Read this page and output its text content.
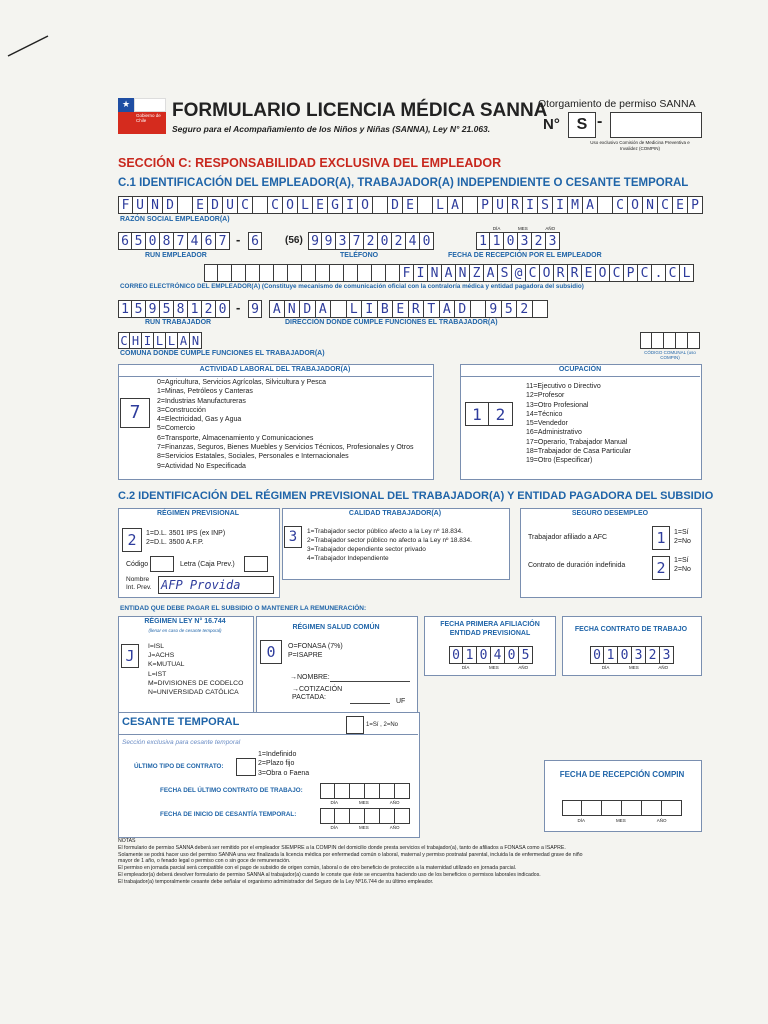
★
Gobierno de Chile	FORMULARIO LICENCIA MÉDICA SANNA
Seguro para el Acompañamiento de los Niños y Niñas (SANNA), Ley N° 21.063.
Otorgamiento de permiso SANNA
N°	S -
Uso exclusivo Comisión de Medicina Preventiva e Invalidez (COMPIN)
SECCIÓN C: RESPONSABILIDAD EXCLUSIVA DEL EMPLEADOR
C.1 IDENTIFICACIÓN DEL EMPLEADOR(A), TRABAJADOR(A) INDEPENDIENTE O CESANTE TEMPORAL
F U N D	E D U C	C O L E G I O	D E	L A	P U R I S I M A	C O N C E P
RAZÓN SOCIAL EMPLEADOR(A)
6 5 0 8 7 4 6 7 - 6	(56) 9 9 3 7 2 0 2 4 0	1 1 0 3 2 3
DÍA	MES	AÑO
RUN EMPLEADOR	TELÉFONO	FECHA DE RECEPCIÓN POR EL EMPLEADOR
F I N A N Z A S @ C O R R E O C P C . C L
CORREO ELECTRÓNICO DEL EMPLEADOR(A) (Constituye mecanismo de comunicación oficial con la contraloría médica y entidad pagadora del subsidio)
1 5 9 5 8 1 2 0 - 9 A N D A	L I B E R T A D	9 5 2
RUN TRABAJADOR	DIRECCIÓN DONDE CUMPLE FUNCIONES EL TRABAJADOR(A)
C H I L L A N
COMUNA DONDE CUMPLE FUNCIONES EL TRABAJADOR(A)	CÓDIGO COMUNAL (uso COMPIN)
ACTIVIDAD LABORAL DEL TRABAJADOR(A)
7
0=Agricultura, Servicios Agrícolas, Silvicultura y Pesca
1=Minas, Petróleos y Canteras
2=Industrias Manufactureras
3=Construcción
4=Electricidad, Gas y Agua
5=Comercio
6=Transporte, Almacenamiento y Comunicaciones
7=Finanzas, Seguros, Bienes Muebles y Servicios Técnicos, Profesionales y Otros
8=Servicios Estatales, Sociales, Personales e Internacionales
9=Actividad No Especificada
OCUPACIÓN
1 2
11=Ejecutivo o Directivo
12=Profesor
13=Otro Profesional
14=Técnico
15=Vendedor
16=Administrativo
17=Operario, Trabajador Manual
18=Trabajador de Casa Particular
19=Otro (Especificar)
C.2 IDENTIFICACIÓN DEL RÉGIMEN PREVISIONAL DEL TRABAJADOR(A) Y ENTIDAD PAGADORA DEL SUBSIDIO
RÉGIMEN PREVISIONAL
2	1=D.L. 3501 IPS (ex INP)
2=D.L. 3500 A.F.P.
Código	Letra (Caja Prev.)
Nombre Int. Prev. AFP Provida
CALIDAD TRABAJADOR(A)
3	1=Trabajador sector público afecto a la Ley nº 18.834.
2=Trabajador sector público no afecto a la Ley nº 18.834.
3=Trabajador dependiente sector privado
4=Trabajador Independiente
SEGURO DESEMPLEO
Trabajador afiliado a AFC	1	1=Sí
2=No
Contrato de duración indefinida 2	1=Sí
2=No
ENTIDAD QUE DEBE PAGAR EL SUBSIDIO O MANTENER LA REMUNERACIÓN:
RÉGIMEN LEY N° 16.744
(llenar en caso de cesante temporal)
J
I=ISL
J=ACHS
K=MUTUAL
L=IST
M=DIVISIONES DE CODELCO
N=UNIVERSIDAD CATÓLICA
RÉGIMEN SALUD COMÚN
0	O=FONASA (7%)
P=ISAPRE
→NOMBRE:
→COTIZACIÓN PACTADA:
UF
FECHA PRIMERA AFILIACIÓN ENTIDAD PREVISIONAL
0 1 0 4 0 5
DÍA	MES	AÑO
FECHA CONTRATO DE TRABAJO
0 1 0 3 2 3
DÍA	MES	AÑO
CESANTE TEMPORAL	1=Sí , 2=No
Sección exclusiva para cesante temporal
ÚLTIMO TIPO DE CONTRATO:
1=Indefinido
2=Plazo fijo
3=Obra o Faena
FECHA DEL ÚLTIMO CONTRATO DE TRABAJO:
DÍA	MES	AÑO
FECHA DE INICIO DE CESANTÍA TEMPORAL:
DÍA	MES	AÑO
FECHA DE RECEPCIÓN COMPIN
DÍA	MES	AÑO
NOTAS
El formulario de permiso SANNA deberá ser remitido por el empleador SIEMPRE a la COMPIN del domicilio donde presta servicios el trabajador(a), tanto de afiliados a FONASA como a ISAPRE.
Solamente se podrá hacer uso del permiso SANNA una vez finalizada la licencia médica por enfermedad común o laboral, maternal y permiso postnatal parental, incluida la de enfermedad grave de niño
mayor de 1 año, o fenado legal o permiso con o sin goce de remuneración.
El permiso en jornada parcial será compatible con el pago de subsidio de origen común, laboral o de otro beneficio de protección a la maternidad utilizado en jornada parcial.
El empleador(a) deberá devolver formulario de permiso SANNA al trabajador(a) cuando le conste que éste se encuentra haciendo uso de los beneficios o permisos laborales indicados.
El trabajador(a) temporalmente cesante debe señalar el organismo administrador del Seguro de la Ley Nº16.744 de su último empleador.
